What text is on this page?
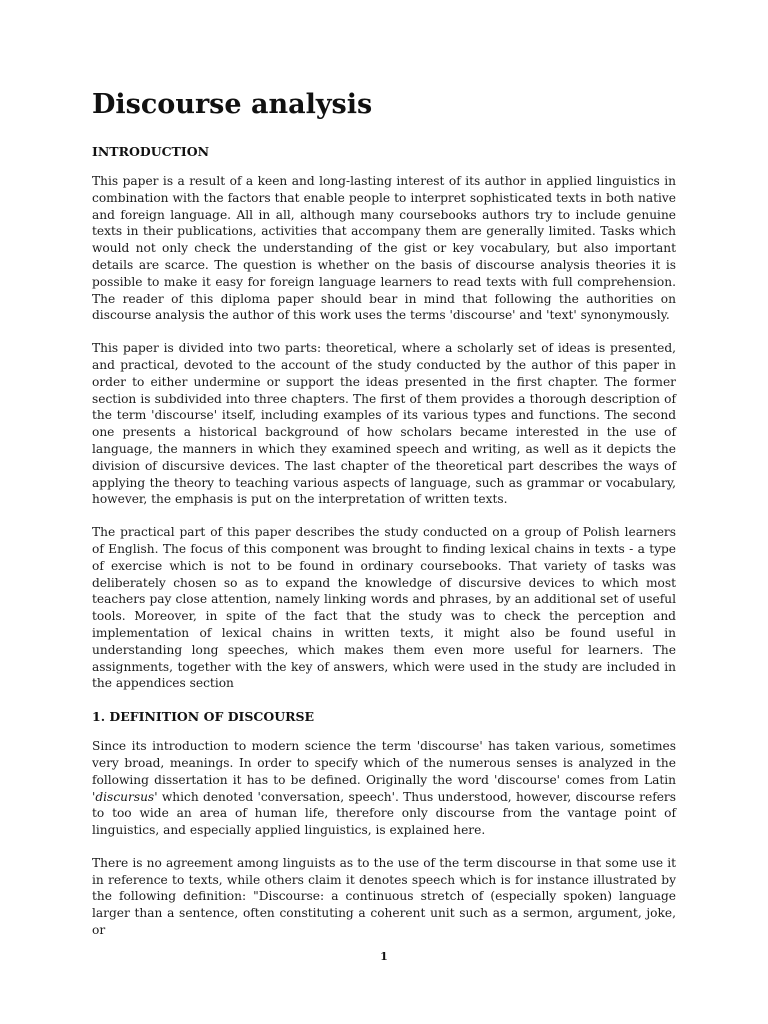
Discourse analysis
INTRODUCTION

This paper is a result of a keen and long-lasting interest of its author in applied linguistics in combination with the factors that enable people to interpret sophisticated texts in both native and foreign language. All in all, although many coursebooks authors try to include genuine texts in their publications, activities that accompany them are generally limited. Tasks which would not only check the understanding of the gist or key vocabulary, but also important details are scarce. The question is whether on the basis of discourse analysis theories it is possible to make it easy for foreign language learners to read texts with full comprehension. The reader of this diploma paper should bear in mind that following the authorities on discourse analysis the author of this work uses the terms 'discourse' and 'text' synonymously.

This paper is divided into two parts: theoretical, where a scholarly set of ideas is presented, and practical, devoted to the account of the study conducted by the author of this paper in order to either undermine or support the ideas presented in the first chapter. The former section is subdivided into three chapters. The first of them provides a thorough description of the term 'discourse' itself, including examples of its various types and functions. The second one presents a historical background of how scholars became interested in the use of language, the manners in which they examined speech and writing, as well as it depicts the division of discursive devices. The last chapter of the theoretical part describes the ways of applying the theory to teaching various aspects of language, such as grammar or vocabulary, however, the emphasis is put on the interpretation of written texts.

The practical part of this paper describes the study conducted on a group of Polish learners of English. The focus of this component was brought to finding lexical chains in texts - a type of exercise which is not to be found in ordinary coursebooks. That variety of tasks was deliberately chosen so as to expand the knowledge of discursive devices to which most teachers pay close attention, namely linking words and phrases, by an additional set of useful tools. Moreover, in spite of the fact that the study was to check the perception and implementation of lexical chains in written texts, it might also be found useful in understanding long speeches, which makes them even more useful for learners. The assignments, together with the key of answers, which were used in the study are included in the appendices section

1. DEFINITION OF DISCOURSE

Since its introduction to modern science the term 'discourse' has taken various, sometimes very broad, meanings. In order to specify which of the numerous senses is analyzed in the following dissertation it has to be defined. Originally the word 'discourse' comes from Latin 'discursus' which denoted 'conversation, speech'. Thus understood, however, discourse refers to too wide an area of human life, therefore only discourse from the vantage point of linguistics, and especially applied linguistics, is explained here.

There is no agreement among linguists as to the use of the term discourse in that some use it in reference to texts, while others claim it denotes speech which is for instance illustrated by the following definition: "Discourse: a continuous stretch of (especially spoken) language larger than a sentence, often constituting a coherent unit such as a sermon, argument, joke, or

1
